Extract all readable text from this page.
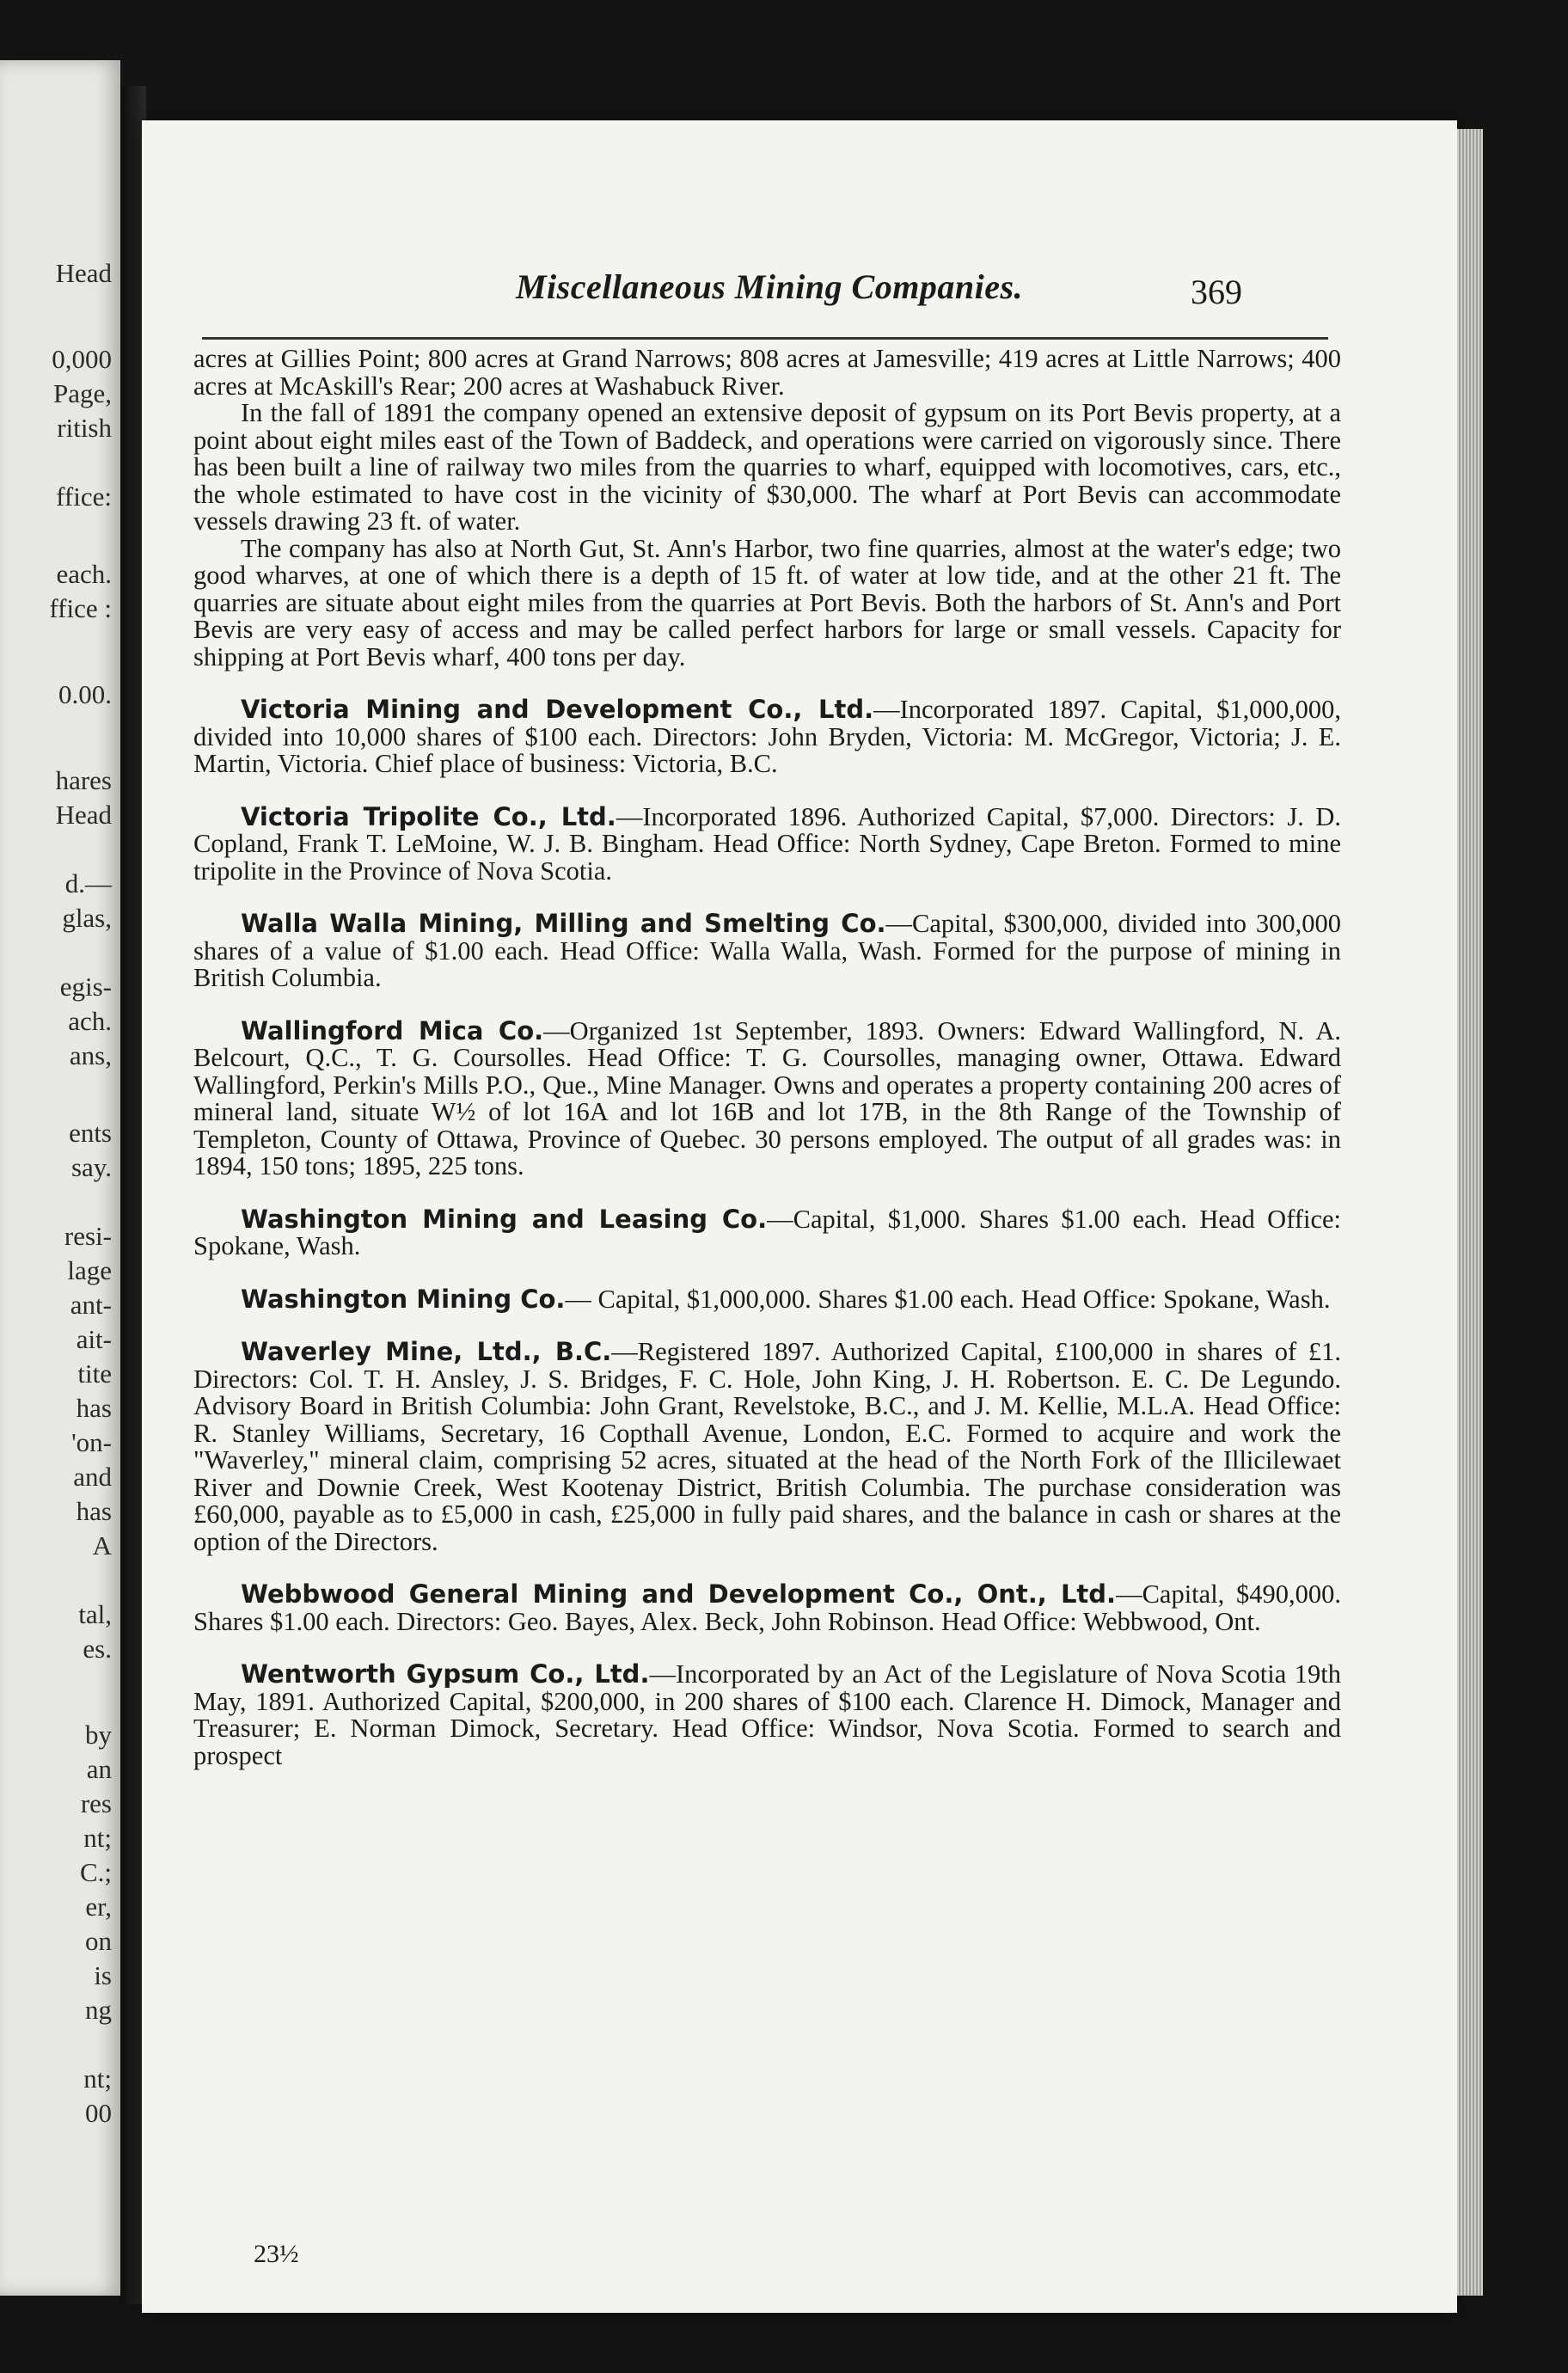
Head
0,000
Page,
ritish
ffice:
each.
ffice :
0.00.
hares
Head
d.—
glas,
egis-
ach.
ans,
ents
say.
resi-
lage
ant-
ait-
tite
has
'on-
and
has
A
tal,
es.
by
an
res
nt;
C.;
er,
on
is
ng
nt;
00
Miscellaneous Mining Companies.	369

acres at Gillies Point; 800 acres at Grand Narrows; 808 acres at Jamesville; 419 acres at Little Narrows; 400 acres at McAskill's Rear; 200 acres at Washabuck River.

In the fall of 1891 the company opened an extensive deposit of gypsum on its Port Bevis property, at a point about eight miles east of the Town of Baddeck, and operations were carried on vigorously since. There has been built a line of railway two miles from the quarries to wharf, equipped with locomotives, cars, etc., the whole estimated to have cost in the vicinity of $30,000. The wharf at Port Bevis can accommodate vessels drawing 23 ft. of water.

The company has also at North Gut, St. Ann's Harbor, two fine quarries, almost at the water's edge; two good wharves, at one of which there is a depth of 15 ft. of water at low tide, and at the other 21 ft. The quarries are situate about eight miles from the quarries at Port Bevis. Both the harbors of St. Ann's and Port Bevis are very easy of access and may be called perfect harbors for large or small vessels. Capacity for shipping at Port Bevis wharf, 400 tons per day.

Victoria Mining and Development Co., Ltd.—Incorporated 1897. Capital, $1,000,000, divided into 10,000 shares of $100 each. Directors: John Bryden, Victoria: M. McGregor, Victoria; J. E. Martin, Victoria. Chief place of business: Victoria, B.C.

Victoria Tripolite Co., Ltd.—Incorporated 1896. Authorized Capital, $7,000. Directors: J. D. Copland, Frank T. LeMoine, W. J. B. Bingham. Head Office: North Sydney, Cape Breton. Formed to mine tripolite in the Province of Nova Scotia.

Walla Walla Mining, Milling and Smelting Co.—Capital, $300,000, divided into 300,000 shares of a value of $1.00 each. Head Office: Walla Walla, Wash. Formed for the purpose of mining in British Columbia.

Wallingford Mica Co.—Organized 1st September, 1893. Owners: Edward Wallingford, N. A. Belcourt, Q.C., T. G. Coursolles. Head Office: T. G. Coursolles, managing owner, Ottawa. Edward Wallingford, Perkin's Mills P.O., Que., Mine Manager. Owns and operates a property containing 200 acres of mineral land, situate W½ of lot 16A and lot 16B and lot 17B, in the 8th Range of the Township of Templeton, County of Ottawa, Province of Quebec. 30 persons employed. The output of all grades was: in 1894, 150 tons; 1895, 225 tons.

Washington Mining and Leasing Co.—Capital, $1,000. Shares $1.00 each. Head Office: Spokane, Wash.

Washington Mining Co.— Capital, $1,000,000. Shares $1.00 each. Head Office: Spokane, Wash.

Waverley Mine, Ltd., B.C.—Registered 1897. Authorized Capital, £100,000 in shares of £1. Directors: Col. T. H. Ansley, J. S. Bridges, F. C. Hole, John King, J. H. Robertson. E. C. De Legundo. Advisory Board in British Columbia: John Grant, Revelstoke, B.C., and J. M. Kellie, M.L.A. Head Office: R. Stanley Williams, Secretary, 16 Copthall Avenue, London, E.C. Formed to acquire and work the "Waverley," mineral claim, comprising 52 acres, situated at the head of the North Fork of the Illicilewaet River and Downie Creek, West Kootenay District, British Columbia. The purchase consideration was £60,000, payable as to £5,000 in cash, £25,000 in fully paid shares, and the balance in cash or shares at the option of the Directors.

Webbwood General Mining and Development Co., Ont., Ltd.—Capital, $490,000. Shares $1.00 each. Directors: Geo. Bayes, Alex. Beck, John Robinson. Head Office: Webbwood, Ont.

Wentworth Gypsum Co., Ltd.—Incorporated by an Act of the Legislature of Nova Scotia 19th May, 1891. Authorized Capital, $200,000, in 200 shares of $100 each. Clarence H. Dimock, Manager and Treasurer; E. Norman Dimock, Secretary. Head Office: Windsor, Nova Scotia. Formed to search and prospect

23½
